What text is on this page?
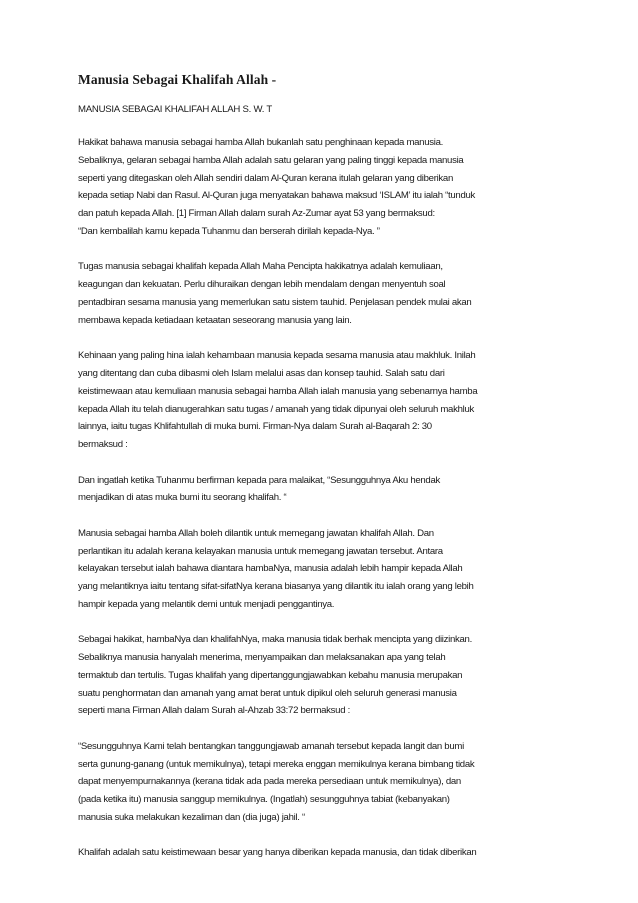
Manusia Sebagai Khalifah Allah -
MANUSIA SEBAGAI KHALIFAH ALLAH S. W. T

Hakikat bahawa manusia sebagai hamba Allah bukanlah satu penghinaan kepada manusia.
Sebaliknya, gelaran sebagai hamba Allah adalah satu gelaran yang paling tinggi kepada manusia
seperti yang ditegaskan oleh Allah sendiri dalam Al-Quran kerana itulah gelaran yang diberikan
kepada setiap Nabi dan Rasul. Al-Quran juga menyatakan bahawa maksud ‘ISLAM’ itu ialah “tunduk
dan patuh kepada Allah. [1] Firman Allah dalam surah Az-Zumar ayat 53 yang bermaksud:
“Dan kembalilah kamu kepada Tuhanmu dan berserah dirilah kepada-Nya. ”

Tugas manusia sebagai khalifah kepada Allah Maha Pencipta hakikatnya adalah kemuliaan,
keagungan dan kekuatan. Perlu dihuraikan dengan lebih mendalam dengan menyentuh soal
pentadbiran sesama manusia yang memerlukan satu sistem tauhid. Penjelasan pendek mulai akan
membawa kepada ketiadaan ketaatan seseorang manusia yang lain.

Kehinaan yang paling hina ialah kehambaan manusia kepada sesama manusia atau makhluk. Inilah
yang ditentang dan cuba dibasmi oleh Islam melalui asas dan konsep tauhid. Salah satu dari
keistimewaan atau kemuliaan manusia sebagai hamba Allah ialah manusia yang sebenarnya hamba
kepada Allah itu telah dianugerahkan satu tugas / amanah yang tidak dipunyai oleh seluruh makhluk
lainnya, iaitu tugas Khlifahtullah di muka bumi. Firman-Nya dalam Surah al-Baqarah 2: 30
bermaksud :

Dan ingatlah ketika Tuhanmu berfirman kepada para malaikat, “Sesungguhnya Aku hendak
menjadikan di atas muka bumi itu seorang khalifah. “

Manusia sebagai hamba Allah boleh dilantik untuk memegang jawatan khalifah Allah. Dan
perlantikan itu adalah kerana kelayakan manusia untuk memegang jawatan tersebut. Antara
kelayakan tersebut ialah bahawa diantara hambaNya, manusia adalah lebih hampir kepada Allah
yang melantiknya iaitu tentang sifat-sifatNya kerana biasanya yang dilantik itu ialah orang yang lebih
hampir kepada yang melantik demi untuk menjadi penggantinya.

Sebagai hakikat, hambaNya dan khalifahNya, maka manusia tidak berhak mencipta yang diizinkan.
Sebaliknya manusia hanyalah menerima, menyampaikan dan melaksanakan apa yang telah
termaktub dan tertulis. Tugas khalifah yang dipertanggungjawabkan kebahu manusia merupakan
suatu penghormatan dan amanah yang amat berat untuk dipikul oleh seluruh generasi manusia
seperti mana Firman Allah dalam Surah al-Ahzab 33:72 bermaksud :

“Sesungguhnya Kami telah bentangkan tanggungjawab amanah tersebut kepada langit dan bumi
serta gunung-ganang (untuk memikulnya), tetapi mereka enggan memikulnya kerana bimbang tidak
dapat menyempurnakannya (kerana tidak ada pada mereka persediaan untuk memikulnya), dan
(pada ketika itu) manusia sanggup memikulnya. (Ingatlah) sesungguhnya tabiat (kebanyakan)
manusia suka melakukan kezaliman dan (dia juga) jahil. “

Khalifah adalah satu keistimewaan besar yang hanya diberikan kepada manusia, dan tidak diberikan
